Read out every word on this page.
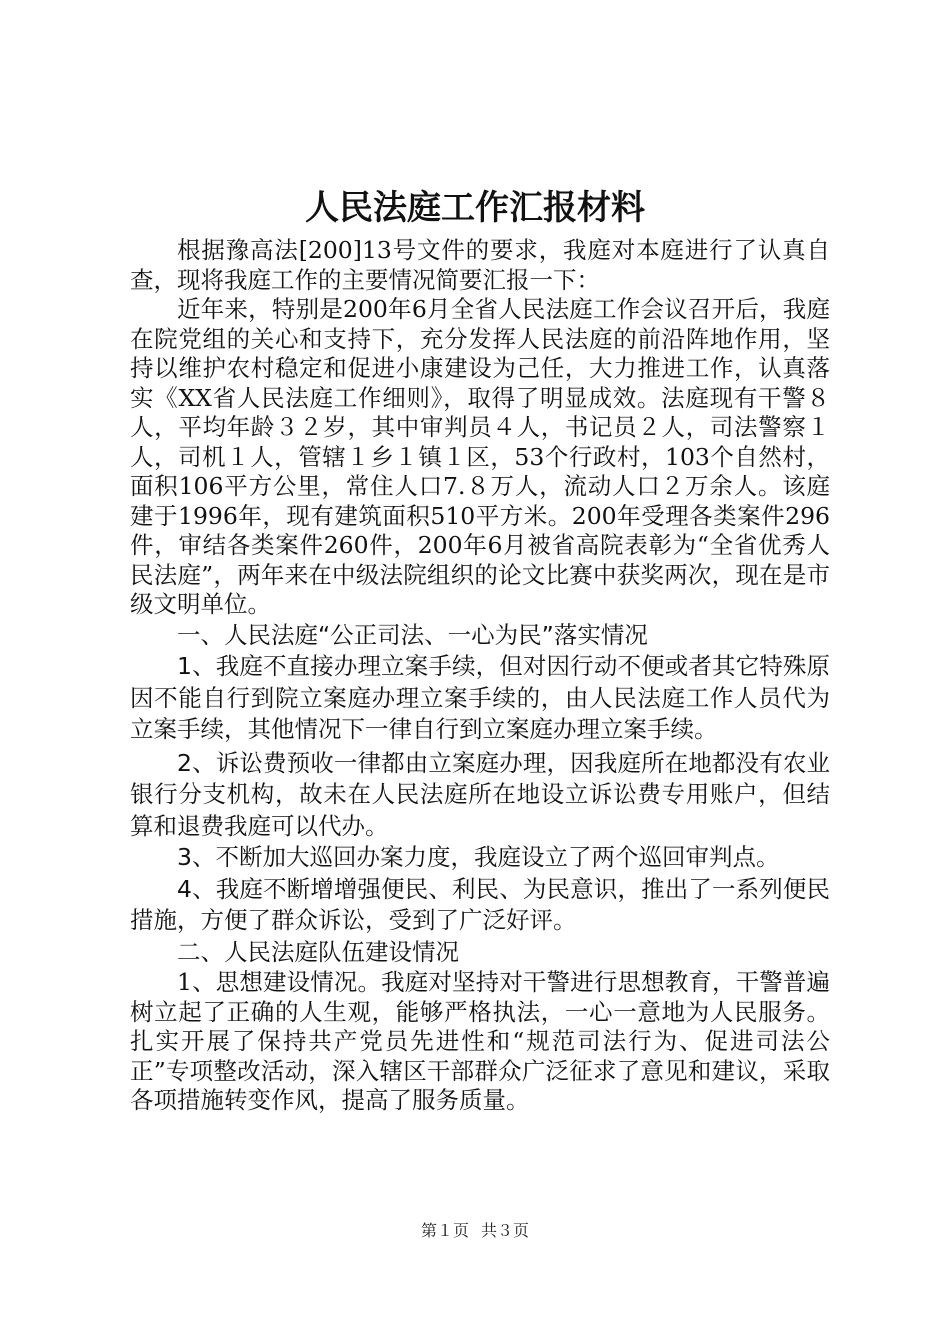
人民法庭工作汇报材料

根据豫高法[200]13号文件的要求，我庭对本庭进行了认真自查，现将我庭工作的主要情况简要汇报一下：

近年来，特别是200年6月全省人民法庭工作会议召开后，我庭在院党组的关心和支持下，充分发挥人民法庭的前沿阵地作用，坚持以维护农村稳定和促进小康建设为己任，大力推进工作，认真落实《XX省人民法庭工作细则》，取得了明显成效。法庭现有干警８人，平均年龄３２岁，其中审判员４人，书记员２人，司法警察１人，司机１人，管辖１乡１镇１区，53个行政村，103个自然村，面积106平方公里，常住人口7.８万人，流动人口２万余人。该庭建于1996年，现有建筑面积510平方米。200年受理各类案件296件，审结各类案件260件，200年6月被省高院表彰为“全省优秀人民法庭”，两年来在中级法院组织的论文比赛中获奖两次，现在是市级文明单位。

一、人民法庭“公正司法、一心为民”落实情况

1、我庭不直接办理立案手续，但对因行动不便或者其它特殊原因不能自行到院立案庭办理立案手续的，由人民法庭工作人员代为立案手续，其他情况下一律自行到立案庭办理立案手续。

2、诉讼费预收一律都由立案庭办理，因我庭所在地都没有农业银行分支机构，故未在人民法庭所在地设立诉讼费专用账户，但结算和退费我庭可以代办。

3、不断加大巡回办案力度，我庭设立了两个巡回审判点。

4、我庭不断增增强便民、利民、为民意识，推出了一系列便民措施，方便了群众诉讼，受到了广泛好评。

二、人民法庭队伍建设情况

1、思想建设情况。我庭对坚持对干警进行思想教育，干警普遍树立起了正确的人生观，能够严格执法，一心一意地为人民服务。扎实开展了保持共产党员先进性和“规范司法行为、促进司法公正”专项整改活动，深入辖区干部群众广泛征求了意见和建议，采取各项措施转变作风，提高了服务质量。

第１页 共３页
